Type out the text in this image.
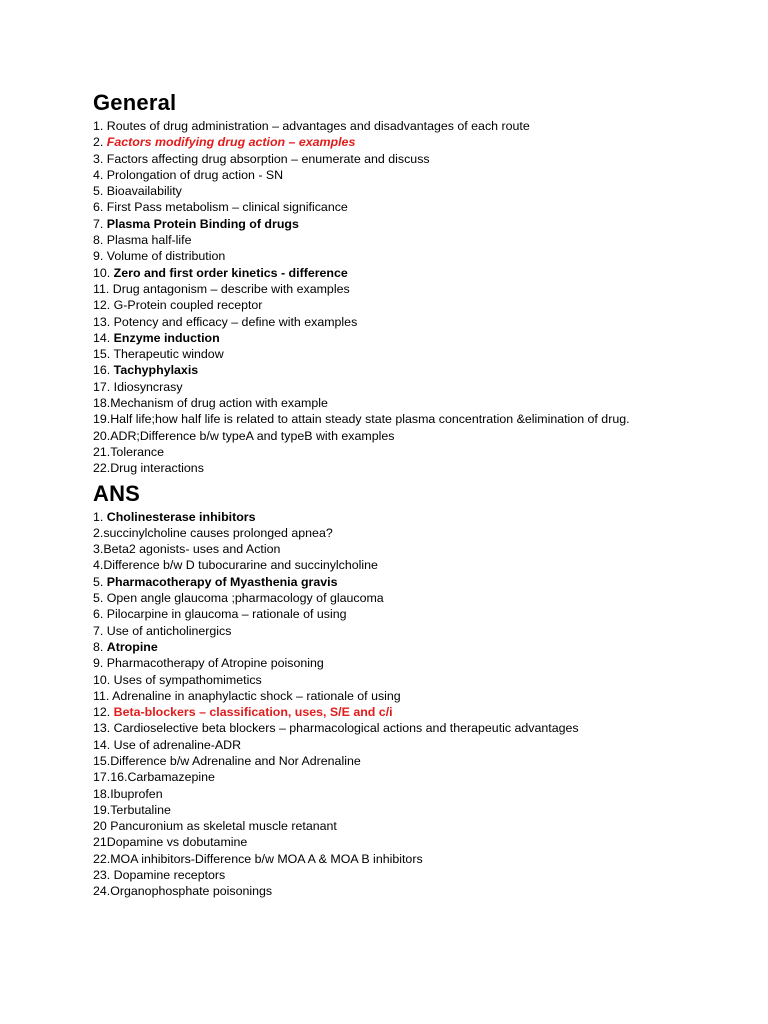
General
1. Routes of drug administration – advantages and disadvantages of each route
2. Factors modifying drug action – examples
3. Factors affecting drug absorption – enumerate and discuss
4. Prolongation of drug action - SN
5. Bioavailability
6. First Pass metabolism – clinical significance
7. Plasma Protein Binding of drugs
8. Plasma half-life
9. Volume of distribution
10. Zero and first order kinetics - difference
11. Drug antagonism – describe with examples
12. G-Protein coupled receptor
13. Potency and efficacy – define with examples
14. Enzyme induction
15. Therapeutic window
16. Tachyphylaxis
17. Idiosyncrasy
18.Mechanism of drug action with example
19.Half life;how half life is related to attain steady state plasma concentration &elimination of drug.
20.ADR;Difference b/w typeA and typeB with examples
21.Tolerance
22.Drug interactions
ANS
1. Cholinesterase inhibitors
2.succinylcholine causes prolonged apnea?
3.Beta2 agonists- uses and Action
4.Difference b/w D tubocurarine and succinylcholine
5. Pharmacotherapy of Myasthenia gravis
5. Open angle glaucoma ;pharmacology of glaucoma
6. Pilocarpine in glaucoma – rationale of using
7. Use of anticholinergics
8. Atropine
9. Pharmacotherapy of Atropine poisoning
10. Uses of sympathomimetics
11. Adrenaline in anaphylactic shock – rationale of using
12. Beta-blockers – classification, uses, S/E and c/i
13. Cardioselective beta blockers – pharmacological actions and therapeutic advantages
14. Use of adrenaline-ADR
15.Difference b/w Adrenaline and Nor Adrenaline
17.16.Carbamazepine
18.Ibuprofen
19.Terbutaline
20 Pancuronium as skeletal muscle retanant
21Dopamine vs dobutamine
22.MOA inhibitors-Difference b/w MOA A & MOA B inhibitors
23. Dopamine receptors
24.Organophosphate poisonings
